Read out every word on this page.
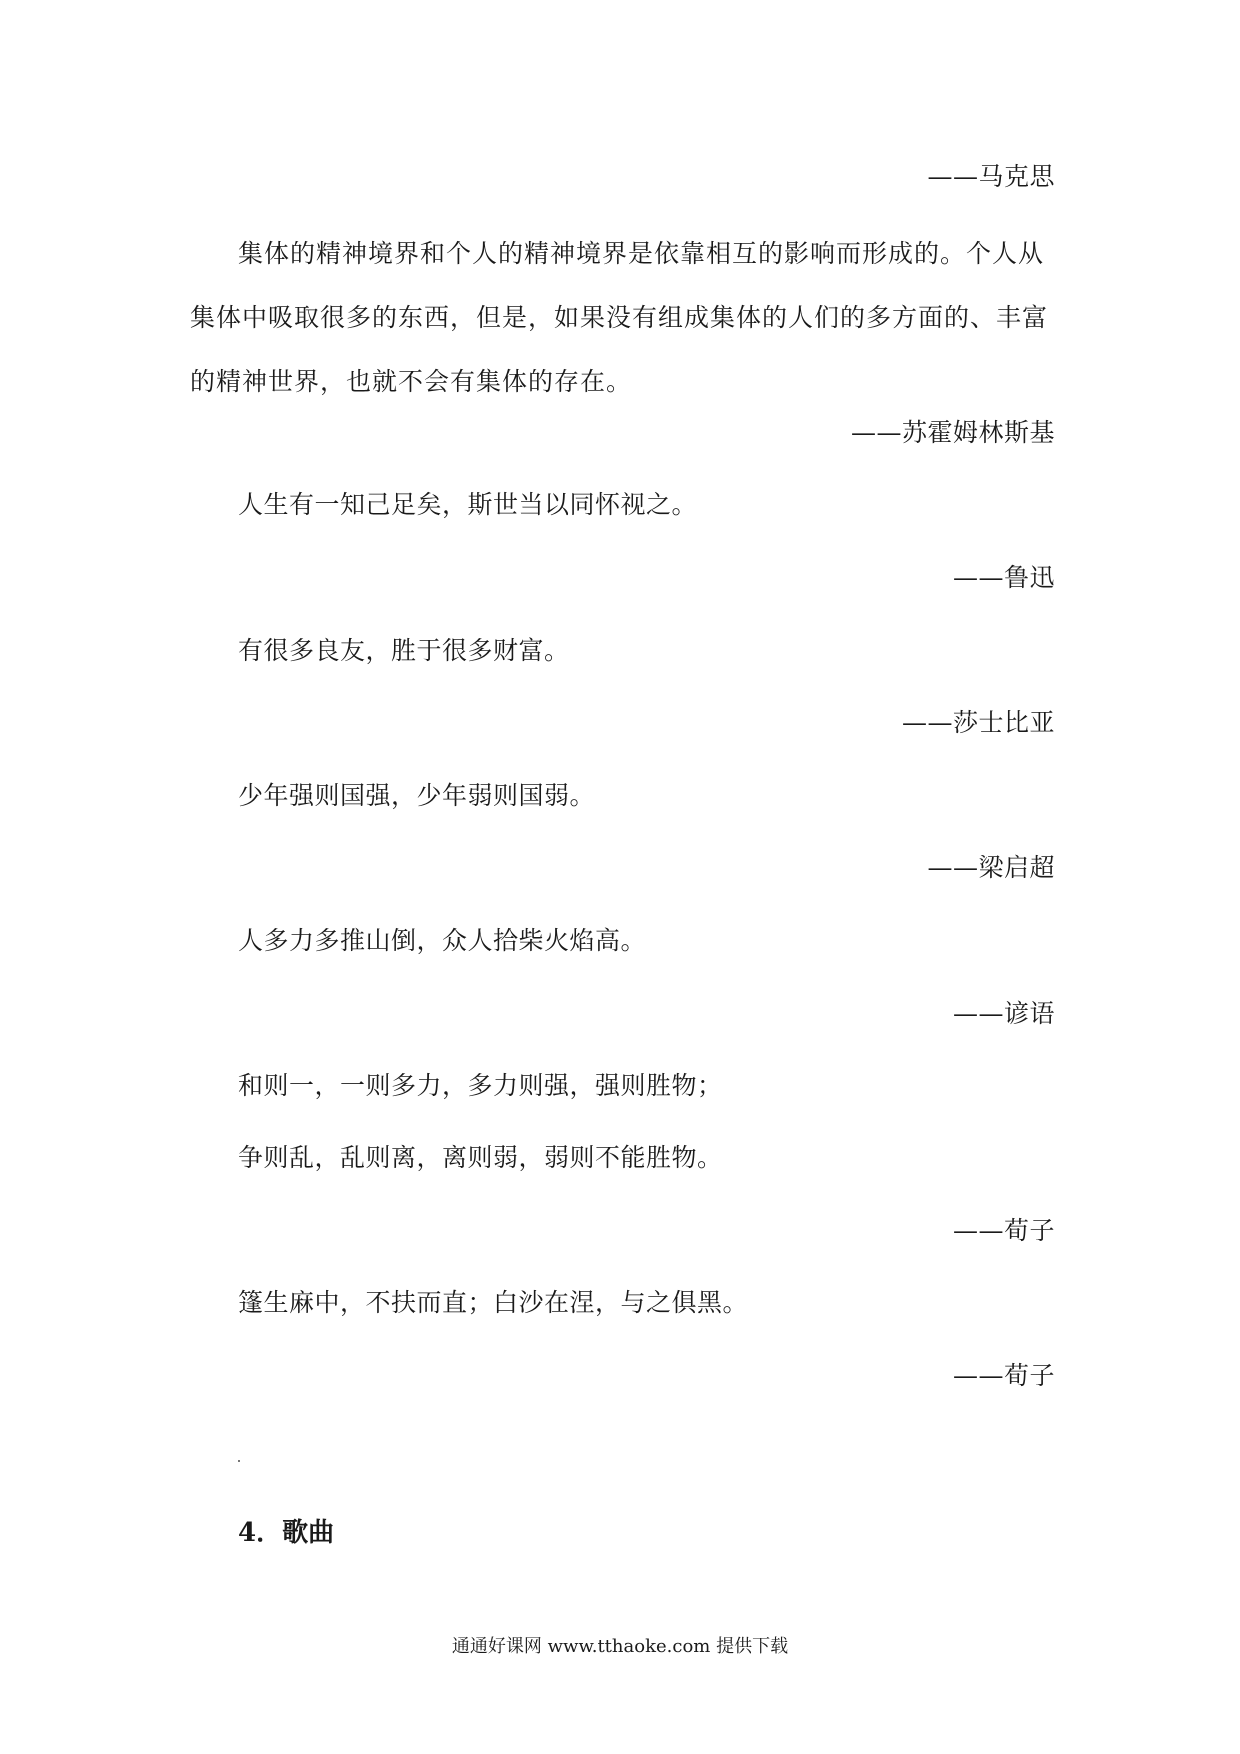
——马克思
集体的精神境界和个人的精神境界是依靠相互的影响而形成的。个人从集体中吸取很多的东西，但是，如果没有组成集体的人们的多方面的、丰富的精神世界，也就不会有集体的存在。
——苏霍姆林斯基
人生有一知己足矣，斯世当以同怀视之。
——鲁迅
有很多良友，胜于很多财富。
——莎士比亚
少年强则国强，少年弱则国弱。
——梁启超
人多力多推山倒，众人拾柴火焰高。
——谚语
和则一，一则多力，多力则强，强则胜物；
争则乱，乱则离，离则弱，弱则不能胜物。
——荀子
篷生麻中，不扶而直；白沙在涅，与之俱黑。
——荀子
4．歌曲
通通好课网 www.tthaoke.com 提供下载
